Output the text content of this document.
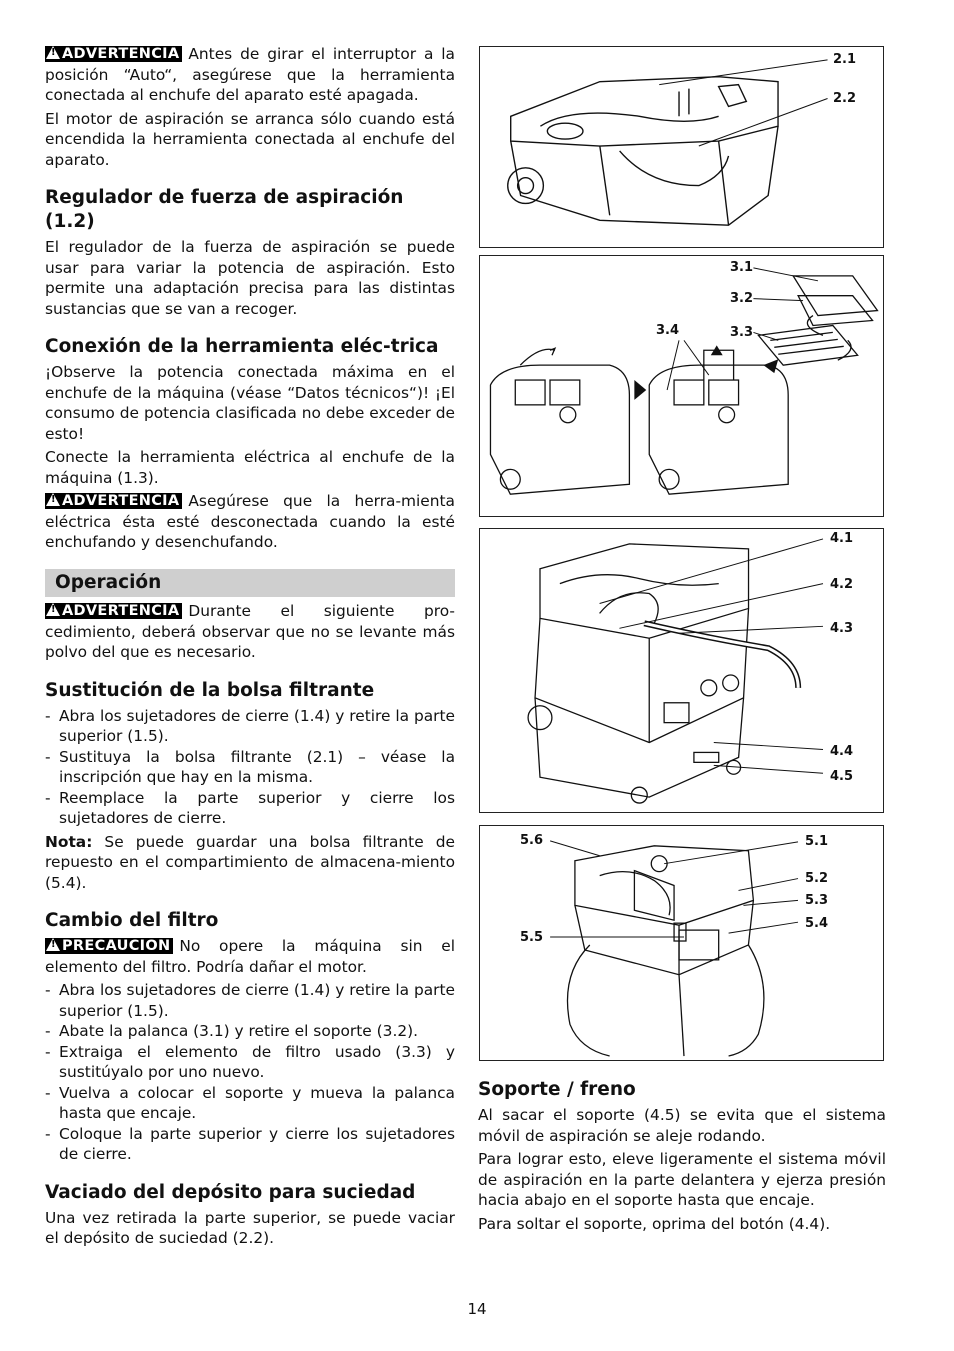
!ADVERTENCIA Antes de girar el interruptor a la posición “Auto“, asegúrese que la herramienta conectada al enchufe del aparato esté apagada.

El motor de aspiración se arranca sólo cuando está encendida la herramienta conectada al enchufe del aparato.

Regulador de fuerza de aspiración (1.2)

El regulador de la fuerza de aspiración se puede usar para variar la potencia de aspiración. Esto permite una adaptación precisa para las distintas sustancias que se van a recoger.

Conexión de la herramienta eléc-trica

¡Observe la potencia conectada máxima en el enchufe de la máquina (véase “Datos técnicos“)! ¡El consumo de potencia clasificada no debe exceder de esto!

Conecte la herramienta eléctrica al enchufe de la máquina (1.3).

!ADVERTENCIA Asegúrese que la herra-mienta eléctrica ésta esté desconectada cuando la esté enchufando y desenchufando.

Operación

!ADVERTENCIA Durante el siguiente pro-cedimiento, deberá observar que no se levante más polvo del que es necesario.

Sustitución de la bolsa filtrante
- Abra los sujetadores de cierre (1.4) y retire la parte superior (1.5).
- Sustituya la bolsa filtrante (2.1) – véase la inscripción que hay en la misma.
- Reemplace la parte superior y cierre los sujetadores de cierre.

Nota: Se puede guardar una bolsa filtrante de repuesto en el compartimiento de almacena-miento (5.4).

Cambio del filtro

!PRECAUCION No opere la máquina sin el elemento del filtro. Podría dañar el motor.

- Abra los sujetadores de cierre (1.4) y retire la parte superior (1.5).
- Abate la palanca (3.1) y retire el soporte (3.2).
- Extraiga el elemento de filtro usado (3.3) y sustitúyalo por uno nuevo.
- Vuelva a colocar el soporte y mueva la palanca hasta que encaje.
- Coloque la parte superior y cierre los sujetadores de cierre.
Vaciado del depósito para suciedad

Una vez retirada la parte superior, se puede vaciar el depósito de suciedad (2.2).

2.1
2.2
3.1
3.2
3.3
3.4
4.1
4.2
4.3
4.4
4.5
5.6
5.5
5.1
5.2
5.3
5.4
Soporte / freno

Al sacar el soporte (4.5) se evita que el sistema móvil de aspiración se aleje rodando.

Para lograr esto, eleve ligeramente el sistema móvil de aspiración en la parte delantera y ejerza presión hacia abajo en el soporte hasta que encaje.

Para soltar el soporte, oprima del botón (4.4).

14
